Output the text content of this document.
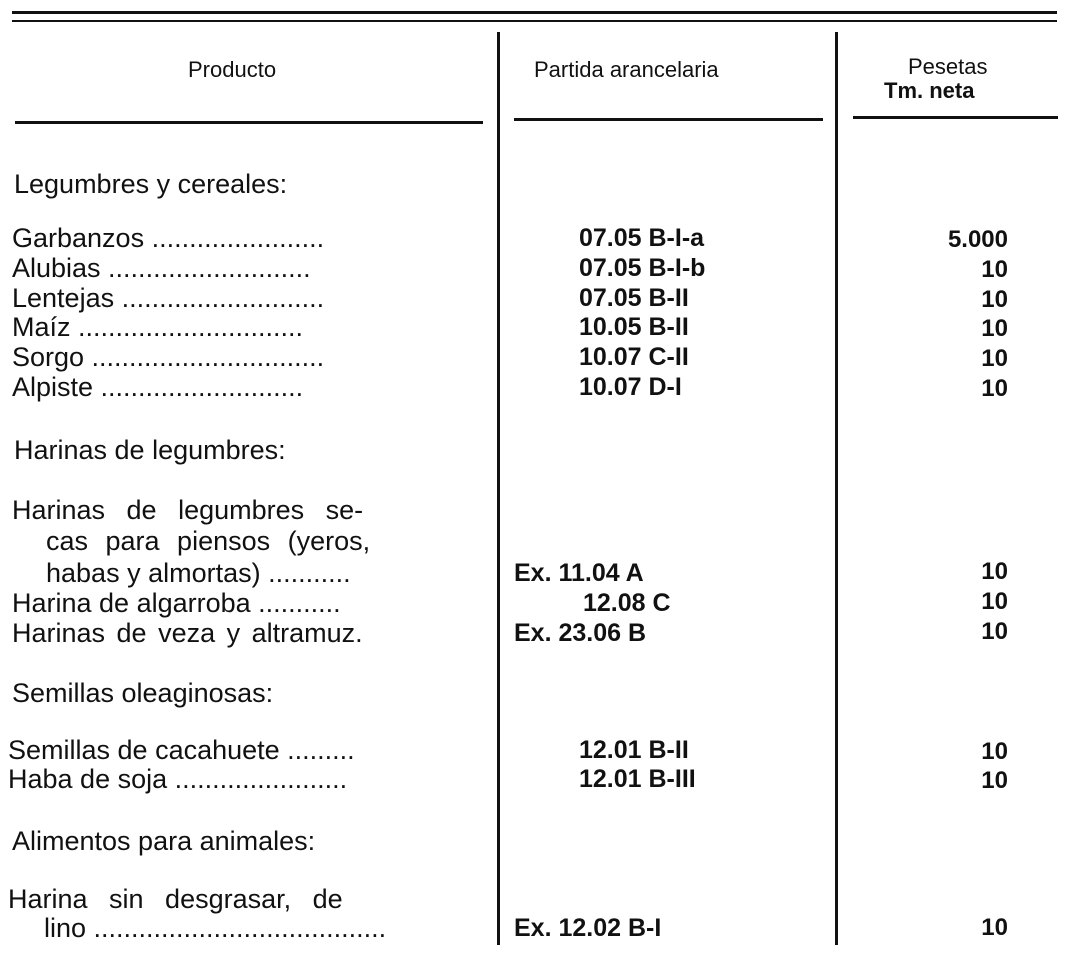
Producto	Partida arancelaria	Pesetas
Tm. neta
Legumbres y cereales:
Garbanzos .......................	07.05 B-I-a	5.000
Alubias ...........................	07.05 B-I-b	10
Lentejas ...........................	07.05 B-II	10
Maíz ..............................	10.05 B-II	10
Sorgo ...............................	10.07 C-II	10
Alpiste ...........................	10.07 D-I	10
Harinas de legumbres:
Harinas de legumbres se-
cas para piensos (yeros,
habas y almortas) ...........	Ex. 11.04 A	10
Harina de algarroba ...........	12.08 C	10
Harinas de veza y altramuz.	Ex. 23.06 B	10
Semillas oleaginosas:
Semillas de cacahuete .........	12.01 B-II	10
Haba de soja .......................	12.01 B-III	10
Alimentos para animales:
Harina sin desgrasar, de
lino .......................................	Ex. 12.02 B-I	10
